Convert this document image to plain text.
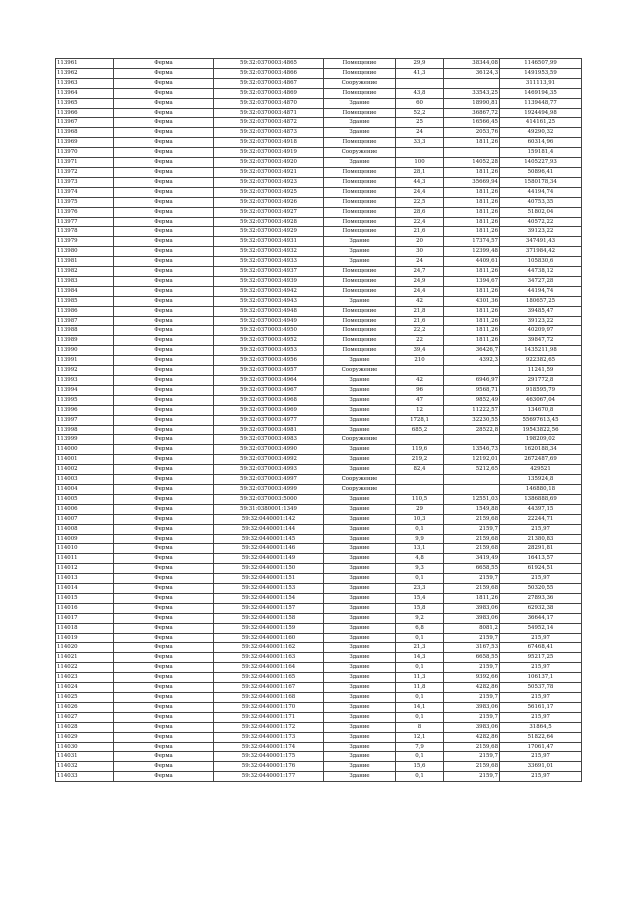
113961	Ферма	59:32:0370003:4865	Помещение	29,9	38344,08	1146507,99
113962	Ферма	59:32:0370003:4866	Помещение	41,3	36124,3	1491953,59
113963	Ферма	59:32:0370003:4867	Сооружение			311113,91
113964	Ферма	59:32:0370003:4869	Помещение	43,8	33543,25	1469194,35
113965	Ферма	59:32:0370003:4870	Здание	60	18990,81	1139448,77
113966	Ферма	59:32:0370003:4871	Помещение	52,2	36867,72	1924494,98
113967	Ферма	59:32:0370003:4872	Здание	25	16566,45	414161,25
113968	Ферма	59:32:0370003:4873	Здание	24	2053,76	49290,32
113969	Ферма	59:32:0370003:4918	Помещение	33,3	1811,26	60314,96
113970	Ферма	59:32:0370003:4919	Сооружение			159181,4
113971	Ферма	59:32:0370003:4920	Здание	100	14052,28	1405227,93
113972	Ферма	59:32:0370003:4921	Помещение	28,1	1811,26	50896,41
113973	Ферма	59:32:0370003:4923	Помещение	44,3	35669,94	1580178,34
113974	Ферма	59:32:0370003:4925	Помещение	24,4	1811,26	44194,74
113975	Ферма	59:32:0370003:4926	Помещение	22,5	1811,26	40753,35
113976	Ферма	59:32:0370003:4927	Помещение	28,6	1811,26	51802,04
113977	Ферма	59:32:0370003:4928	Помещение	22,4	1811,26	40572,22
113978	Ферма	59:32:0370003:4929	Помещение	21,6	1811,26	39123,22
113979	Ферма	59:32:0370003:4931	Здание	20	17374,57	347491,43
113980	Ферма	59:32:0370003:4932	Здание	30	12399,48	371984,42
113981	Ферма	59:32:0370003:4933	Здание	24	4409,61	105830,6
113982	Ферма	59:32:0370003:4937	Помещение	24,7	1811,26	44738,12
113983	Ферма	59:32:0370003:4939	Помещение	24,9	1394,67	34727,28
113984	Ферма	59:32:0370003:4942	Помещение	24,4	1811,26	44194,74
113985	Ферма	59:32:0370003:4943	Здание	42	4301,36	180657,25
113986	Ферма	59:32:0370003:4948	Помещение	21,8	1811,26	39485,47
113987	Ферма	59:32:0370003:4949	Помещение	21,6	1811,26	39123,22
113988	Ферма	59:32:0370003:4950	Помещение	22,2	1811,26	40209,97
113989	Ферма	59:32:0370003:4952	Помещение	22	1811,26	39847,72
113990	Ферма	59:32:0370003:4953	Помещение	39,4	36426,7	1435211,98
113991	Ферма	59:32:0370003:4956	Здание	210	4392,3	922382,65
113992	Ферма	59:32:0370003:4957	Сооружение			11241,59
113993	Ферма	59:32:0370003:4964	Здание	42	6946,97	291772,8
113994	Ферма	59:32:0370003:4967	Здание	96	9568,71	918595,79
113995	Ферма	59:32:0370003:4968	Здание	47	9852,49	463067,04
113996	Ферма	59:32:0370003:4969	Здание	12	11222,57	134670,8
113997	Ферма	59:32:0370003:4977	Здание	1728,1	32230,55	55697613,45
113998	Ферма	59:32:0370003:4981	Здание	685,2	28522,8	19543822,56
113999	Ферма	59:32:0370003:4983	Сооружение			198209,02
114000	Ферма	59:32:0370003:4990	Здание	119,6	13546,73	1620188,34
114001	Ферма	59:32:0370003:4992	Здание	219,2	12192,01	2672487,69
114002	Ферма	59:32:0370003:4993	Здание	82,4	5212,65	429521
114003	Ферма	59:32:0370003:4997	Сооружение			135924,8
114004	Ферма	59:32:0370003:4999	Сооружение			146880,18
114005	Ферма	59:32:0370003:5000	Здание	110,5	12551,03	1386888,69
114006	Ферма	59:31:0380001:1349	Здание	29	1549,88	44397,15
114007	Ферма	59:32:0440001:142	Здание	10,3	2159,68	22244,71
114008	Ферма	59:32:0440001:144	Здание	0,1	2159,7	215,97
114009	Ферма	59:32:0440001:145	Здание	9,9	2159,68	21380,83
114010	Ферма	59:32:0440001:146	Здание	13,1	2159,68	28291,81
114011	Ферма	59:32:0440001:149	Здание	4,8	3419,49	16413,57
114012	Ферма	59:32:0440001:150	Здание	9,3	6658,55	61924,51
114013	Ферма	59:32:0440001:151	Здание	0,1	2159,7	215,97
114014	Ферма	59:32:0440001:153	Здание	23,3	2159,68	50320,55
114015	Ферма	59:32:0440001:154	Здание	15,4	1811,26	27893,36
114016	Ферма	59:32:0440001:157	Здание	15,8	3983,06	62932,38
114017	Ферма	59:32:0440001:158	Здание	9,2	3983,06	36644,17
114018	Ферма	59:32:0440001:159	Здание	6,8	8081,2	54952,14
114019	Ферма	59:32:0440001:160	Здание	0,1	2159,7	215,97
114020	Ферма	59:32:0440001:162	Здание	21,3	3167,53	67468,41
114021	Ферма	59:32:0440001:163	Здание	14,3	6658,55	95217,25
114022	Ферма	59:32:0440001:164	Здание	0,1	2159,7	215,97
114023	Ферма	59:32:0440001:165	Здание	11,3	9392,66	106137,1
114024	Ферма	59:32:0440001:167	Здание	11,8	4282,86	50537,78
114025	Ферма	59:32:0440001:168	Здание	0,1	2159,7	215,97
114026	Ферма	59:32:0440001:170	Здание	14,1	3983,06	56161,17
114027	Ферма	59:32:0440001:171	Здание	0,1	2159,7	215,97
114028	Ферма	59:32:0440001:172	Здание	8	3983,06	31864,5
114029	Ферма	59:32:0440001:173	Здание	12,1	4282,86	51822,64
114030	Ферма	59:32:0440001:174	Здание	7,9	2159,68	17061,47
114031	Ферма	59:32:0440001:175	Здание	0,1	2159,7	215,97
114032	Ферма	59:32:0440001:176	Здание	15,6	2159,68	33691,01
114033	Ферма	59:32:0440001:177	Здание	0,1	2159,7	215,97
